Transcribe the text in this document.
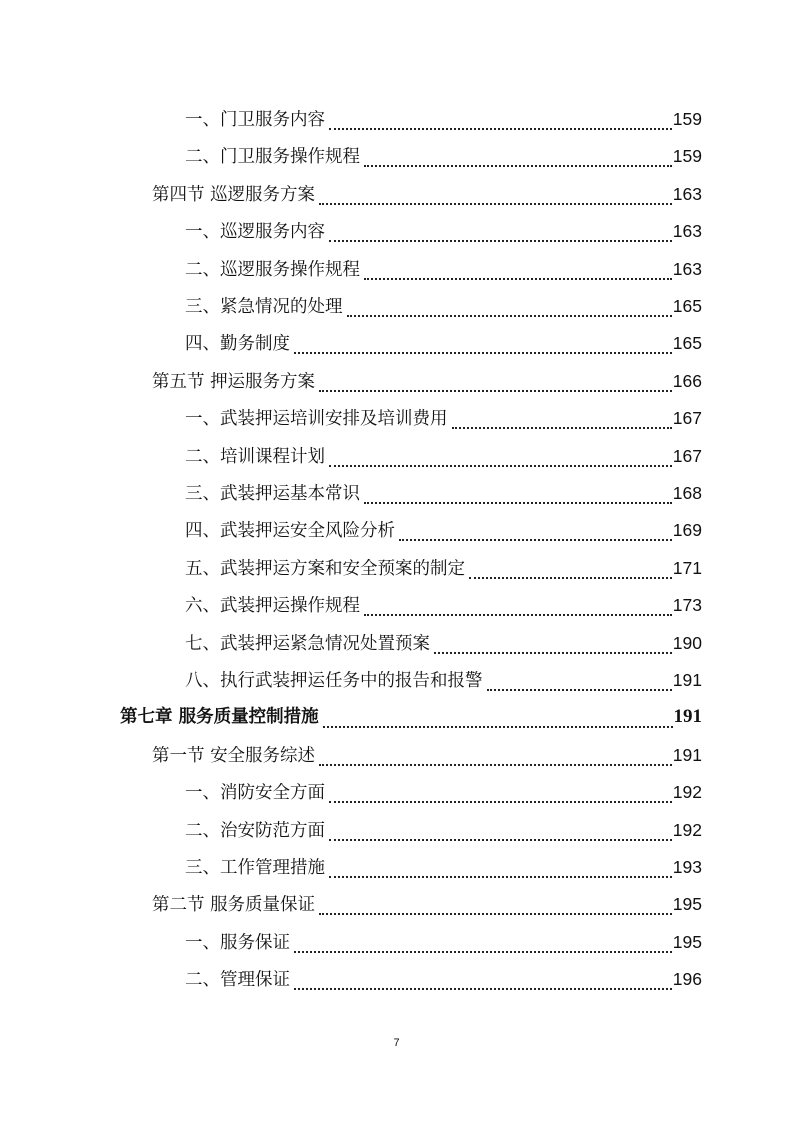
一、门卫服务内容	159
二、门卫服务操作规程	159
第四节 巡逻服务方案	163
一、巡逻服务内容	163
二、巡逻服务操作规程	163
三、紧急情况的处理	165
四、勤务制度	165
第五节 押运服务方案	166
一、武装押运培训安排及培训费用	167
二、培训课程计划	167
三、武装押运基本常识	168
四、武装押运安全风险分析	169
五、武装押运方案和安全预案的制定	171
六、武装押运操作规程	173
七、武装押运紧急情况处置预案	190
八、执行武装押运任务中的报告和报警	191
第七章 服务质量控制措施	191
第一节 安全服务综述	191
一、消防安全方面	192
二、治安防范方面	192
三、工作管理措施	193
第二节 服务质量保证	195
一、服务保证	195
二、管理保证	196
7
